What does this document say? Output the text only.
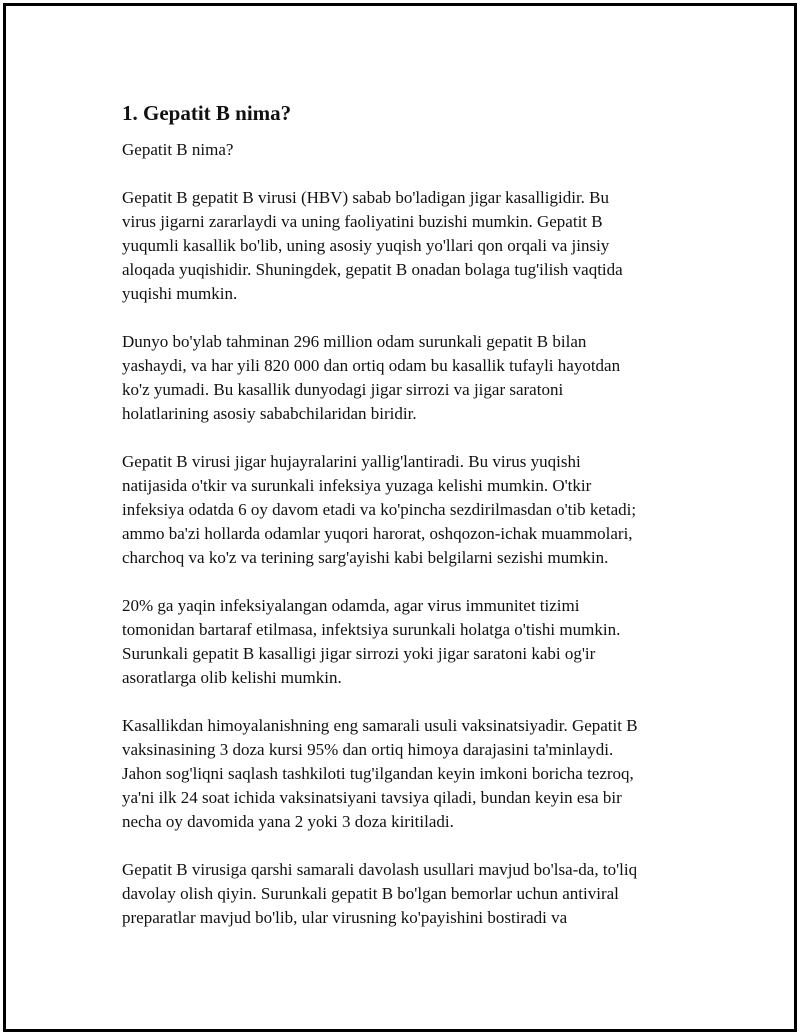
1. Gepatit B nima?

Gepatit B nima?

Gepatit B gepatit B virusi (HBV) sabab bo'ladigan jigar kasalligidir. Bu
virus jigarni zararlaydi va uning faoliyatini buzishi mumkin. Gepatit B
yuqumli kasallik bo'lib, uning asosiy yuqish yo'llari qon orqali va jinsiy
aloqada yuqishidir. Shuningdek, gepatit B onadan bolaga tug'ilish vaqtida
yuqishi mumkin.

Dunyo bo'ylab tahminan 296 million odam surunkali gepatit B bilan
yashaydi, va har yili 820 000 dan ortiq odam bu kasallik tufayli hayotdan
ko'z yumadi. Bu kasallik dunyodagi jigar sirrozi va jigar saratoni
holatlarining asosiy sababchilaridan biridir.

Gepatit B virusi jigar hujayralarini yallig'lantiradi. Bu virus yuqishi
natijasida o'tkir va surunkali infeksiya yuzaga kelishi mumkin. O'tkir
infeksiya odatda 6 oy davom etadi va ko'pincha sezdirilmasdan o'tib ketadi;
ammo ba'zi hollarda odamlar yuqori harorat, oshqozon-ichak muammolari,
charchoq va ko'z va terining sarg'ayishi kabi belgilarni sezishi mumkin.

20% ga yaqin infeksiyalangan odamda, agar virus immunitet tizimi
tomonidan bartaraf etilmasa, infektsiya surunkali holatga o'tishi mumkin.
Surunkali gepatit B kasalligi jigar sirrozi yoki jigar saratoni kabi og'ir
asoratlarga olib kelishi mumkin.

Kasallikdan himoyalanishning eng samarali usuli vaksinatsiyadir. Gepatit B
vaksinasining 3 doza kursi 95% dan ortiq himoya darajasini ta'minlaydi.
Jahon sog'liqni saqlash tashkiloti tug'ilgandan keyin imkoni boricha tezroq,
ya'ni ilk 24 soat ichida vaksinatsiyani tavsiya qiladi, bundan keyin esa bir
necha oy davomida yana 2 yoki 3 doza kiritiladi.

Gepatit B virusiga qarshi samarali davolash usullari mavjud bo'lsa-da, to'liq
davolay olish qiyin. Surunkali gepatit B bo'lgan bemorlar uchun antiviral
preparatlar mavjud bo'lib, ular virusning ko'payishini bostiradi va
